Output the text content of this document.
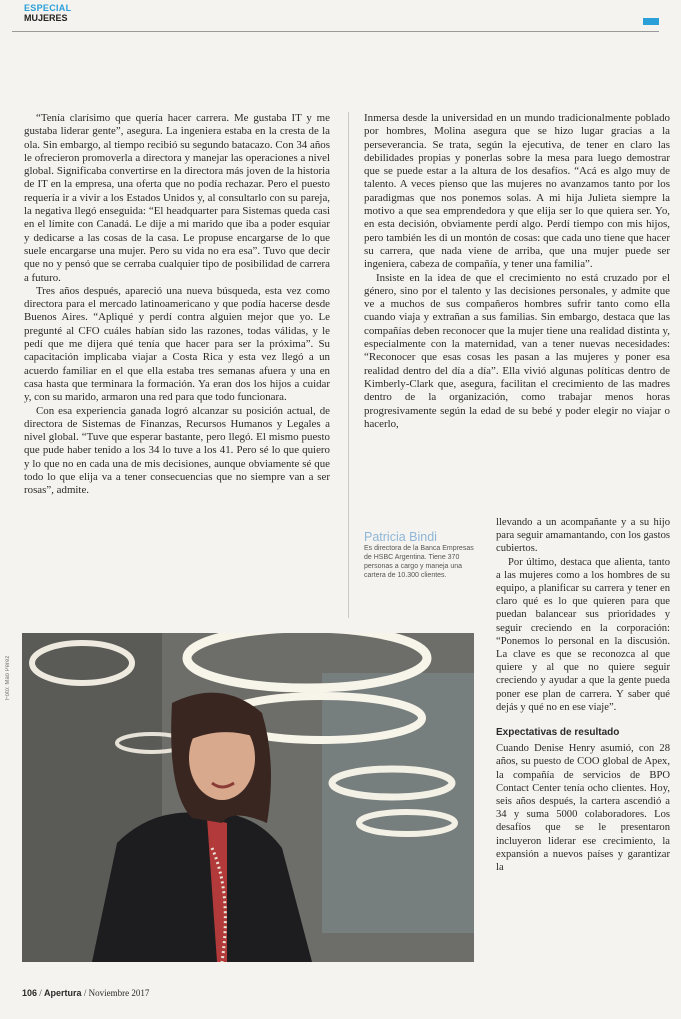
ESPECIAL
MUJERES

“Tenía clarísimo que quería hacer carrera. Me gustaba IT y me gustaba liderar gente”, asegura. La ingeniera estaba en la cresta de la ola. Sin embargo, al tiempo recibió su segundo batacazo. Con 34 años le ofrecieron promoverla a directora y manejar las operaciones a nivel global. Significaba convertirse en la directora más joven de la historia de IT en la empresa, una oferta que no podía rechazar. Pero el puesto requería ir a vivir a los Estados Unidos y, al consultarlo con su pareja, la negativa llegó enseguida: “El headquarter para Sistemas queda casi en el límite con Canadá. Le dije a mi marido que iba a poder esquiar y dedicarse a las cosas de la casa. Le propuse encargarse de lo que suele encargarse una mujer. Pero su vida no era esa”. Tuvo que decir que no y pensó que se cerraba cualquier tipo de posibilidad de carrera a futuro.

Tres años después, apareció una nueva búsqueda, esta vez como directora para el mercado latinoamericano y que podía hacerse desde Buenos Aires. “Apliqué y perdí contra alguien mejor que yo. Le pregunté al CFO cuáles habían sido las razones, todas válidas, y le pedí que me dijera qué tenía que hacer para ser la próxima”. Su capacitación implicaba viajar a Costa Rica y esta vez llegó a un acuerdo familiar en el que ella estaba tres semanas afuera y una en casa hasta que terminara la formación. Ya eran dos los hijos a cuidar y, con su marido, armaron una red para que todo funcionara.

Con esa experiencia ganada logró alcanzar su posición actual, de directora de Sistemas de Finanzas, Recursos Humanos y Legales a nivel global. “Tuve que esperar bastante, pero llegó. El mismo puesto que pude haber tenido a los 34 lo tuve a los 41. Pero sé lo que quiero y lo que no en cada una de mis decisiones, aunque obviamente sé que todo lo que elija va a tener consecuencias que no siempre van a ser rosas”, admite.

Inmersa desde la universidad en un mundo tradicionalmente poblado por hombres, Molina asegura que se hizo lugar gracias a la perseverancia. Se trata, según la ejecutiva, de tener en claro las debilidades propias y ponerlas sobre la mesa para luego demostrar que se puede estar a la altura de los desafíos. “Acá es algo muy de talento. A veces pienso que las mujeres no avanzamos tanto por los paradigmas que nos ponemos solas. A mi hija Julieta siempre la motivo a que sea emprendedora y que elija ser lo que quiera ser. Yo, en esta decisión, obviamente perdí algo. Perdí tiempo con mis hijos, pero también les di un montón de cosas: que cada uno tiene que hacer su carrera, que nada viene de arriba, que una mujer puede ser ingeniera, cabeza de compañía, y tener una familia”.

Insiste en la idea de que el crecimiento no está cruzado por el género, sino por el talento y las decisiones personales, y admite que ve a muchos de sus compañeros hombres sufrir tanto como ella cuando viaja y extrañan a sus familias. Sin embargo, destaca que las compañías deben reconocer que la mujer tiene una realidad distinta y, especialmente con la maternidad, van a tener nuevas necesidades: “Reconocer que esas cosas les pasan a las mujeres y poner esa realidad dentro del día a día”. Ella vivió algunas políticas dentro de Kimberly-Clark que, asegura, facilitan el crecimiento de las madres dentro de la organización, como trabajar menos horas progresivamente según la edad de su bebé y poder elegir no viajar o hacerlo,

Patricia Bindi
Es directora de la Banca Empresas de HSBC Argentina. Tiene 370 personas a cargo y maneja una cartera de 10.300 clientes.

llevando a un acompañante y a su hijo para seguir amamantando, con los gastos cubiertos.

Por último, destaca que alienta, tanto a las mujeres como a los hombres de su equipo, a planificar su carrera y tener en claro qué es lo que quieren para que puedan balancear sus prioridades y seguir creciendo en la corporación: “Ponemos lo personal en la discusión. La clave es que se reconozca al que quiere y al que no quiere seguir creciendo y ayudar a que la gente pueda poner ese plan de carrera. Y saber qué dejás y qué no en ese viaje”.

Expectativas de resultado

Cuando Denise Henry asumió, con 28 años, su puesto de COO global de Apex, la compañía de servicios de BPO Contact Center tenía ocho clientes. Hoy, seis años después, la cartera ascendió a 34 y suma 5000 colaboradores. Los desafíos que se le presentaron incluyeron liderar ese crecimiento, la expansión a nuevos países y garantizar la

Foto: Mao Pérez
106 / Apertura / Noviembre 2017
